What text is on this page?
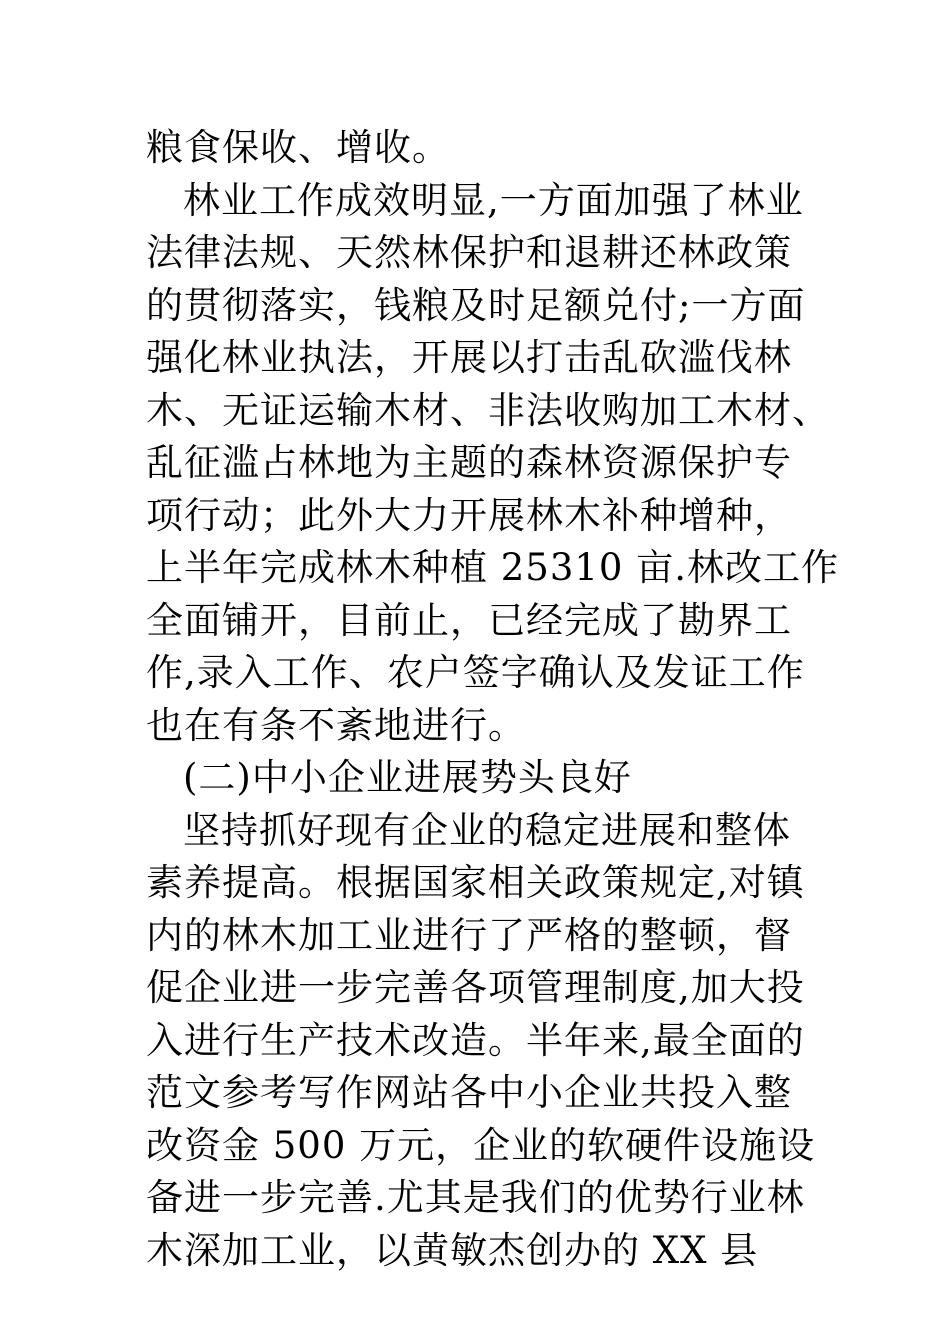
粮食保收、增收。
林业工作成效明显,一方面加强了林业
法律法规、天然林保护和退耕还林政策
的贯彻落实，钱粮及时足额兑付;一方面
强化林业执法，开展以打击乱砍滥伐林
木、无证运输木材、非法收购加工木材、
乱征滥占林地为主题的森林资源保护专
项行动；此外大力开展林木补种增种，
上半年完成林木种植 25310 亩.林改工作
全面铺开，目前止，已经完成了勘界工
作,录入工作、农户签字确认及发证工作
也在有条不紊地进行。
(二)中小企业进展势头良好
坚持抓好现有企业的稳定进展和整体
素养提高。根据国家相关政策规定,对镇
内的林木加工业进行了严格的整顿，督
促企业进一步完善各项管理制度,加大投
入进行生产技术改造。半年来,最全面的
范文参考写作网站各中小企业共投入整
改资金 500 万元，企业的软硬件设施设
备进一步完善.尤其是我们的优势行业林
木深加工业，以黄敏杰创办的 XX 县
